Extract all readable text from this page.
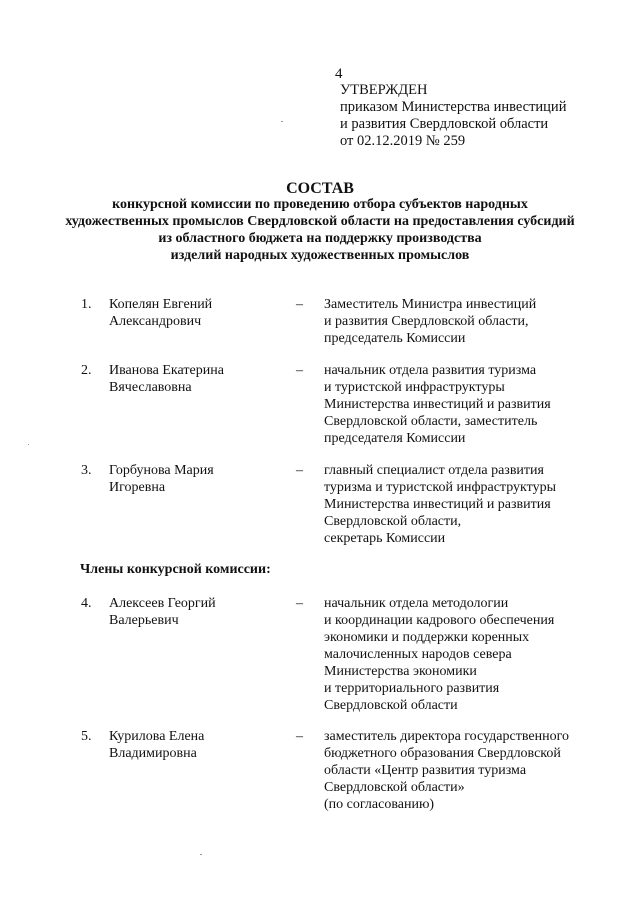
4
УТВЕРЖДЕН
приказом Министерства инвестиций
и развития Свердловской области
от 02.12.2019 № 259
СОСТАВ
конкурсной комиссии по проведению отбора субъектов народных
художественных промыслов Свердловской области на предоставления субсидий
из областного бюджета на поддержку производства
изделий народных художественных промыслов
1. Копелян Евгений
Александрович
– Заместитель Министра инвестиций
и развития Свердловской области,
председатель Комиссии
2. Иванова Екатерина
Вячеславовна
– начальник отдела развития туризма
и туристской инфраструктуры
Министерства инвестиций и развития
Свердловской области, заместитель
председателя Комиссии
3. Горбунова Мария
Игоревна
– главный специалист отдела развития
туризма и туристской инфраструктуры
Министерства инвестиций и развития
Свердловской области,
секретарь Комиссии
Члены конкурсной комиссии:
4. Алексеев Георгий
Валерьевич
– начальник отдела методологии
и координации кадрового обеспечения
экономики и поддержки коренных
малочисленных народов севера
Министерства экономики
и территориального развития
Свердловской области
5. Курилова Елена
Владимировна
– заместитель директора государственного
бюджетного образования Свердловской
области «Центр развития туризма
Свердловской области»
(по согласованию)
